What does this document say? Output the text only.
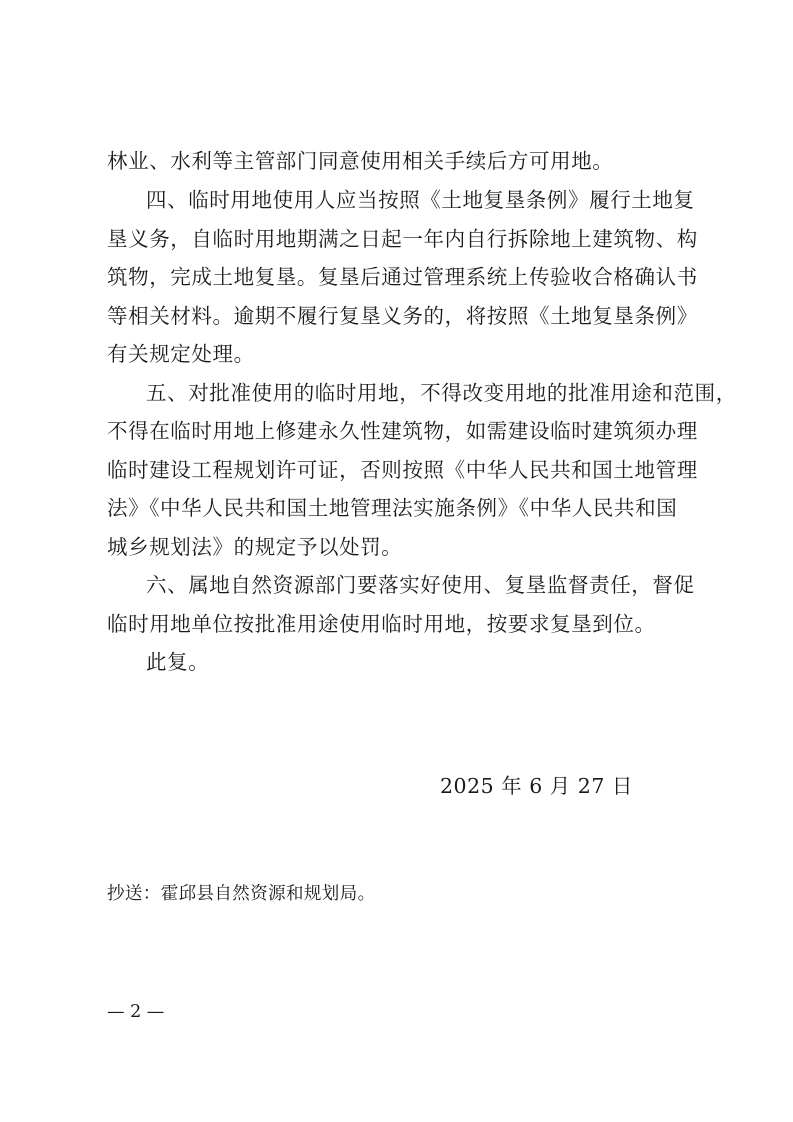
林业、水利等主管部门同意使用相关手续后方可用地。
四、临时用地使用人应当按照《土地复垦条例》履行土地复
垦义务，自临时用地期满之日起一年内自行拆除地上建筑物、构
筑物，完成土地复垦。复垦后通过管理系统上传验收合格确认书
等相关材料。逾期不履行复垦义务的，将按照《土地复垦条例》
有关规定处理。
五、对批准使用的临时用地，不得改变用地的批准用途和范围，
不得在临时用地上修建永久性建筑物，如需建设临时建筑须办理
临时建设工程规划许可证，否则按照《中华人民共和国土地管理
法》《中华人民共和国土地管理法实施条例》《中华人民共和国
城乡规划法》的规定予以处罚。
六、属地自然资源部门要落实好使用、复垦监督责任，督促
临时用地单位按批准用途使用临时用地，按要求复垦到位。
此复。
2025 年 6 月 27 日
抄送：霍邱县自然资源和规划局。
— 2 —
